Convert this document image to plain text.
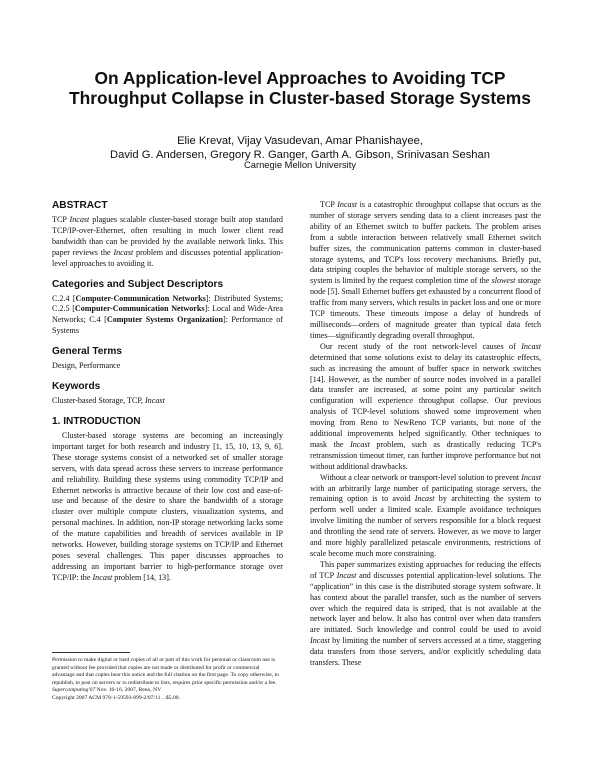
On Application-level Approaches to Avoiding TCP
Throughput Collapse in Cluster-based Storage Systems
Elie Krevat, Vijay Vasudevan, Amar Phanishayee,
David G. Andersen, Gregory R. Ganger, Garth A. Gibson, Srinivasan Seshan
Carnegie Mellon University
ABSTRACT

TCP Incast plagues scalable cluster-based storage built atop standard TCP/IP-over-Ethernet, often resulting in much lower client read bandwidth than can be provided by the available network links. This paper reviews the Incast problem and discusses potential application-level approaches to avoiding it.

Categories and Subject Descriptors

C.2.4 [Computer-Communication Networks]: Distributed Systems; C.2.5 [Computer-Communication Networks]: Local and Wide-Area Networks; C.4 [Computer Systems Organization]: Performance of Systems

General Terms

Design, Performance

Keywords

Cluster-based Storage, TCP, Incast

1. INTRODUCTION

Cluster-based storage systems are becoming an increasingly important target for both research and industry [1, 15, 10, 13, 9, 6]. These storage systems consist of a networked set of smaller storage servers, with data spread across these servers to increase performance and reliability. Building these systems using commodity TCP/IP and Ethernet networks is attractive because of their low cost and ease-of-use and because of the desire to share the bandwidth of a storage cluster over multiple compute clusters, visualization systems, and personal machines. In addition, non-IP storage networking lacks some of the mature capabilities and breadth of services available in IP networks. However, building storage systems on TCP/IP and Ethernet poses several challenges. This paper discusses approaches to addressing an important barrier to high-performance storage over TCP/IP: the Incast problem [14, 13].

Permission to make digital or hard copies of all or part of this work for personal or classroom use is granted without fee provided that copies are not made or distributed for profit or commercial advantage and that copies bear this notice and the full citation on the first page. To copy otherwise, to republish, to post on servers or to redistribute to lists, requires prior specific permission and/or a fee.

Supercomputing'07 Nov. 10-16, 2007, Reno, NV

Copyright 2007 ACM 978-1-59593-899-2/07/11 ...$5.00.

TCP Incast is a catastrophic throughput collapse that occurs as the number of storage servers sending data to a client increases past the ability of an Ethernet switch to buffer packets. The problem arises from a subtle interaction between relatively small Ethernet switch buffer sizes, the communication patterns common in cluster-based storage systems, and TCP's loss recovery mechanisms. Briefly put, data striping couples the behavior of multiple storage servers, so the system is limited by the request completion time of the slowest storage node [5]. Small Ethernet buffers get exhausted by a concurrent flood of traffic from many servers, which results in packet loss and one or more TCP timeouts. These timeouts impose a delay of hundreds of milliseconds—orders of magnitude greater than typical data fetch times—significantly degrading overall throughput.

Our recent study of the root network-level causes of Incast determined that some solutions exist to delay its catastrophic effects, such as increasing the amount of buffer space in network switches [14]. However, as the number of source nodes involved in a parallel data transfer are increased, at some point any particular switch configuration will experience throughput collapse. Our previous analysis of TCP-level solutions showed some improvement when moving from Reno to NewReno TCP variants, but none of the additional improvements helped significantly. Other techniques to mask the Incast problem, such as drastically reducing TCP's retransmission timeout timer, can further improve performance but not without additional drawbacks.

Without a clear network or transport-level solution to prevent Incast with an arbitrarily large number of participating storage servers, the remaining option is to avoid Incast by architecting the system to perform well under a limited scale. Example avoidance techniques involve limiting the number of servers responsible for a block request and throttling the send rate of servers. However, as we move to larger and more highly parallelized petascale environments, restrictions of scale become much more constraining.

This paper summarizes existing approaches for reducing the effects of TCP Incast and discusses potential application-level solutions. The “application” in this case is the distributed storage system software. It has context about the parallel transfer, such as the number of servers over which the required data is striped, that is not available at the network layer and below. It also has control over when data transfers are initiated. Such knowledge and control could be used to avoid Incast by limiting the number of servers accessed at a time, staggering data transfers from those servers, and/or explicitly scheduling data transfers. These
